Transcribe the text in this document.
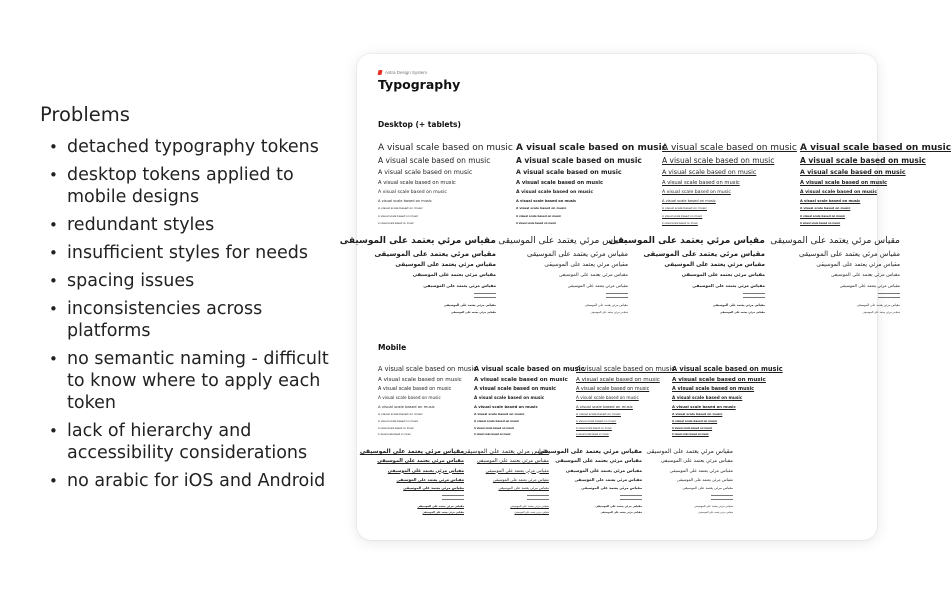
Problems
• detached typography tokens
• desktop tokens applied to mobile designs
• redundant styles
• insufficient styles for needs
• spacing issues
• inconsistencies across platforms
• no semantic naming - difficult to know where to apply each token
• lack of hierarchy and accessibility considerations
• no arabic for iOS and Android
Astra Design System
Typography
Desktop (+ tablets)
Mobile
A visual scale based on music
A visual scale based on music
A visual scale based on music
A visual scale based on music
A visual scale based on music
A visual scale based on music
A visual scale based on music
A visual scale based on music
A visual scale based on music
A visual scale based on music
A visual scale based on music
A visual scale based on music
A visual scale based on music
A visual scale based on music
A visual scale based on music
A visual scale based on music
A visual scale based on music
A visual scale based on music
A visual scale based on music
A visual scale based on music
A visual scale based on music
A visual scale based on music
A visual scale based on music
A visual scale based on music
A visual scale based on music
A visual scale based on music
A visual scale based on music
A visual scale based on music
A visual scale based on music
A visual scale based on music
A visual scale based on music
A visual scale based on music
A visual scale based on music
A visual scale based on music
A visual scale based on music
A visual scale based on music
مقياس مرئي يعتمد على الموسيقى
مقياس مرئي يعتمد على الموسيقى
مقياس مرئي يعتمد على الموسيقى
مقياس مرئي يعتمد على الموسيقى
مقياس مرئي يعتمد على الموسيقى
مقياس مرئي يعتمد على الموسيقى
مقياس مرئي يعتمد على الموسيقى
مقياس مرئي يعتمد على الموسيقى
مقياس مرئي يعتمد على الموسيقى
مقياس مرئي يعتمد على الموسيقى
مقياس مرئي يعتمد على الموسيقى
مقياس مرئي يعتمد على الموسيقى
مقياس مرئي يعتمد على الموسيقى
مقياس مرئي يعتمد على الموسيقى
مقياس مرئي يعتمد على الموسيقى
مقياس مرئي يعتمد على الموسيقى
مقياس مرئي يعتمد على الموسيقى
مقياس مرئي يعتمد على الموسيقى
مقياس مرئي يعتمد على الموسيقى
مقياس مرئي يعتمد على الموسيقى
مقياس مرئي يعتمد على الموسيقى
مقياس مرئي يعتمد على الموسيقى
مقياس مرئي يعتمد على الموسيقى
مقياس مرئي يعتمد على الموسيقى
مقياس مرئي يعتمد على الموسيقى
مقياس مرئي يعتمد على الموسيقى
مقياس مرئي يعتمد على الموسيقى
مقياس مرئي يعتمد على الموسيقى
A visual scale based on music
A visual scale based on music
A visual scale based on music
A visual scale based on music
A visual scale based on music
A visual scale based on music
A visual scale based on music
A visual scale based on music
A visual scale based on music
A visual scale based on music
A visual scale based on music
A visual scale based on music
A visual scale based on music
A visual scale based on music
A visual scale based on music
A visual scale based on music
A visual scale based on music
A visual scale based on music
A visual scale based on music
A visual scale based on music
A visual scale based on music
A visual scale based on music
A visual scale based on music
A visual scale based on music
A visual scale based on music
A visual scale based on music
A visual scale based on music
A visual scale based on music
A visual scale based on music
A visual scale based on music
A visual scale based on music
A visual scale based on music
A visual scale based on music
A visual scale based on music
A visual scale based on music
A visual scale based on music
مقياس مرئي يعتمد على الموسيقى
مقياس مرئي يعتمد على الموسيقى
مقياس مرئي يعتمد على الموسيقى
مقياس مرئي يعتمد على الموسيقى
مقياس مرئي يعتمد على الموسيقى
مقياس مرئي يعتمد على الموسيقى
مقياس مرئي يعتمد على الموسيقى
مقياس مرئي يعتمد على الموسيقى
مقياس مرئي يعتمد على الموسيقى
مقياس مرئي يعتمد على الموسيقى
مقياس مرئي يعتمد على الموسيقى
مقياس مرئي يعتمد على الموسيقى
مقياس مرئي يعتمد على الموسيقى
مقياس مرئي يعتمد على الموسيقى
مقياس مرئي يعتمد على الموسيقى
مقياس مرئي يعتمد على الموسيقى
مقياس مرئي يعتمد على الموسيقى
مقياس مرئي يعتمد على الموسيقى
مقياس مرئي يعتمد على الموسيقى
مقياس مرئي يعتمد على الموسيقى
مقياس مرئي يعتمد على الموسيقى
مقياس مرئي يعتمد على الموسيقى
مقياس مرئي يعتمد على الموسيقى
مقياس مرئي يعتمد على الموسيقى
مقياس مرئي يعتمد على الموسيقى
مقياس مرئي يعتمد على الموسيقى
مقياس مرئي يعتمد على الموسيقى
مقياس مرئي يعتمد على الموسيقى
